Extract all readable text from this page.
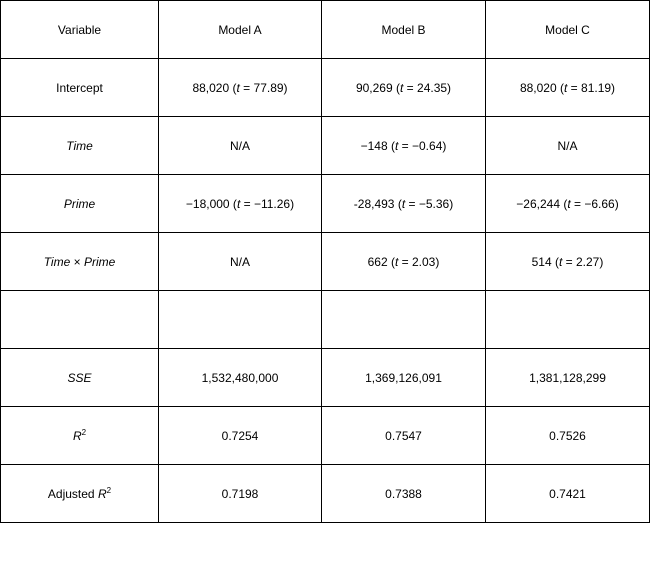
Variable	Model A	Model B	Model C
Intercept	88,020 (t = 77.89)	90,269 (t = 24.35)	88,020 (t = 81.19)
Time	N/A	−148 (t = −0.64)	N/A
Prime	−18,000 (t = −11.26)	-28,493 (t = −5.36)	−26,244 (t = −6.66)
Time × Prime	N/A	662 (t = 2.03)	514 (t = 2.27)

SSE	1,532,480,000	1,369,126,091	1,381,128,299
$R^2$	0.7254	0.7547	0.7526
Adjusted $R^2$	0.7198	0.7388	0.7421
